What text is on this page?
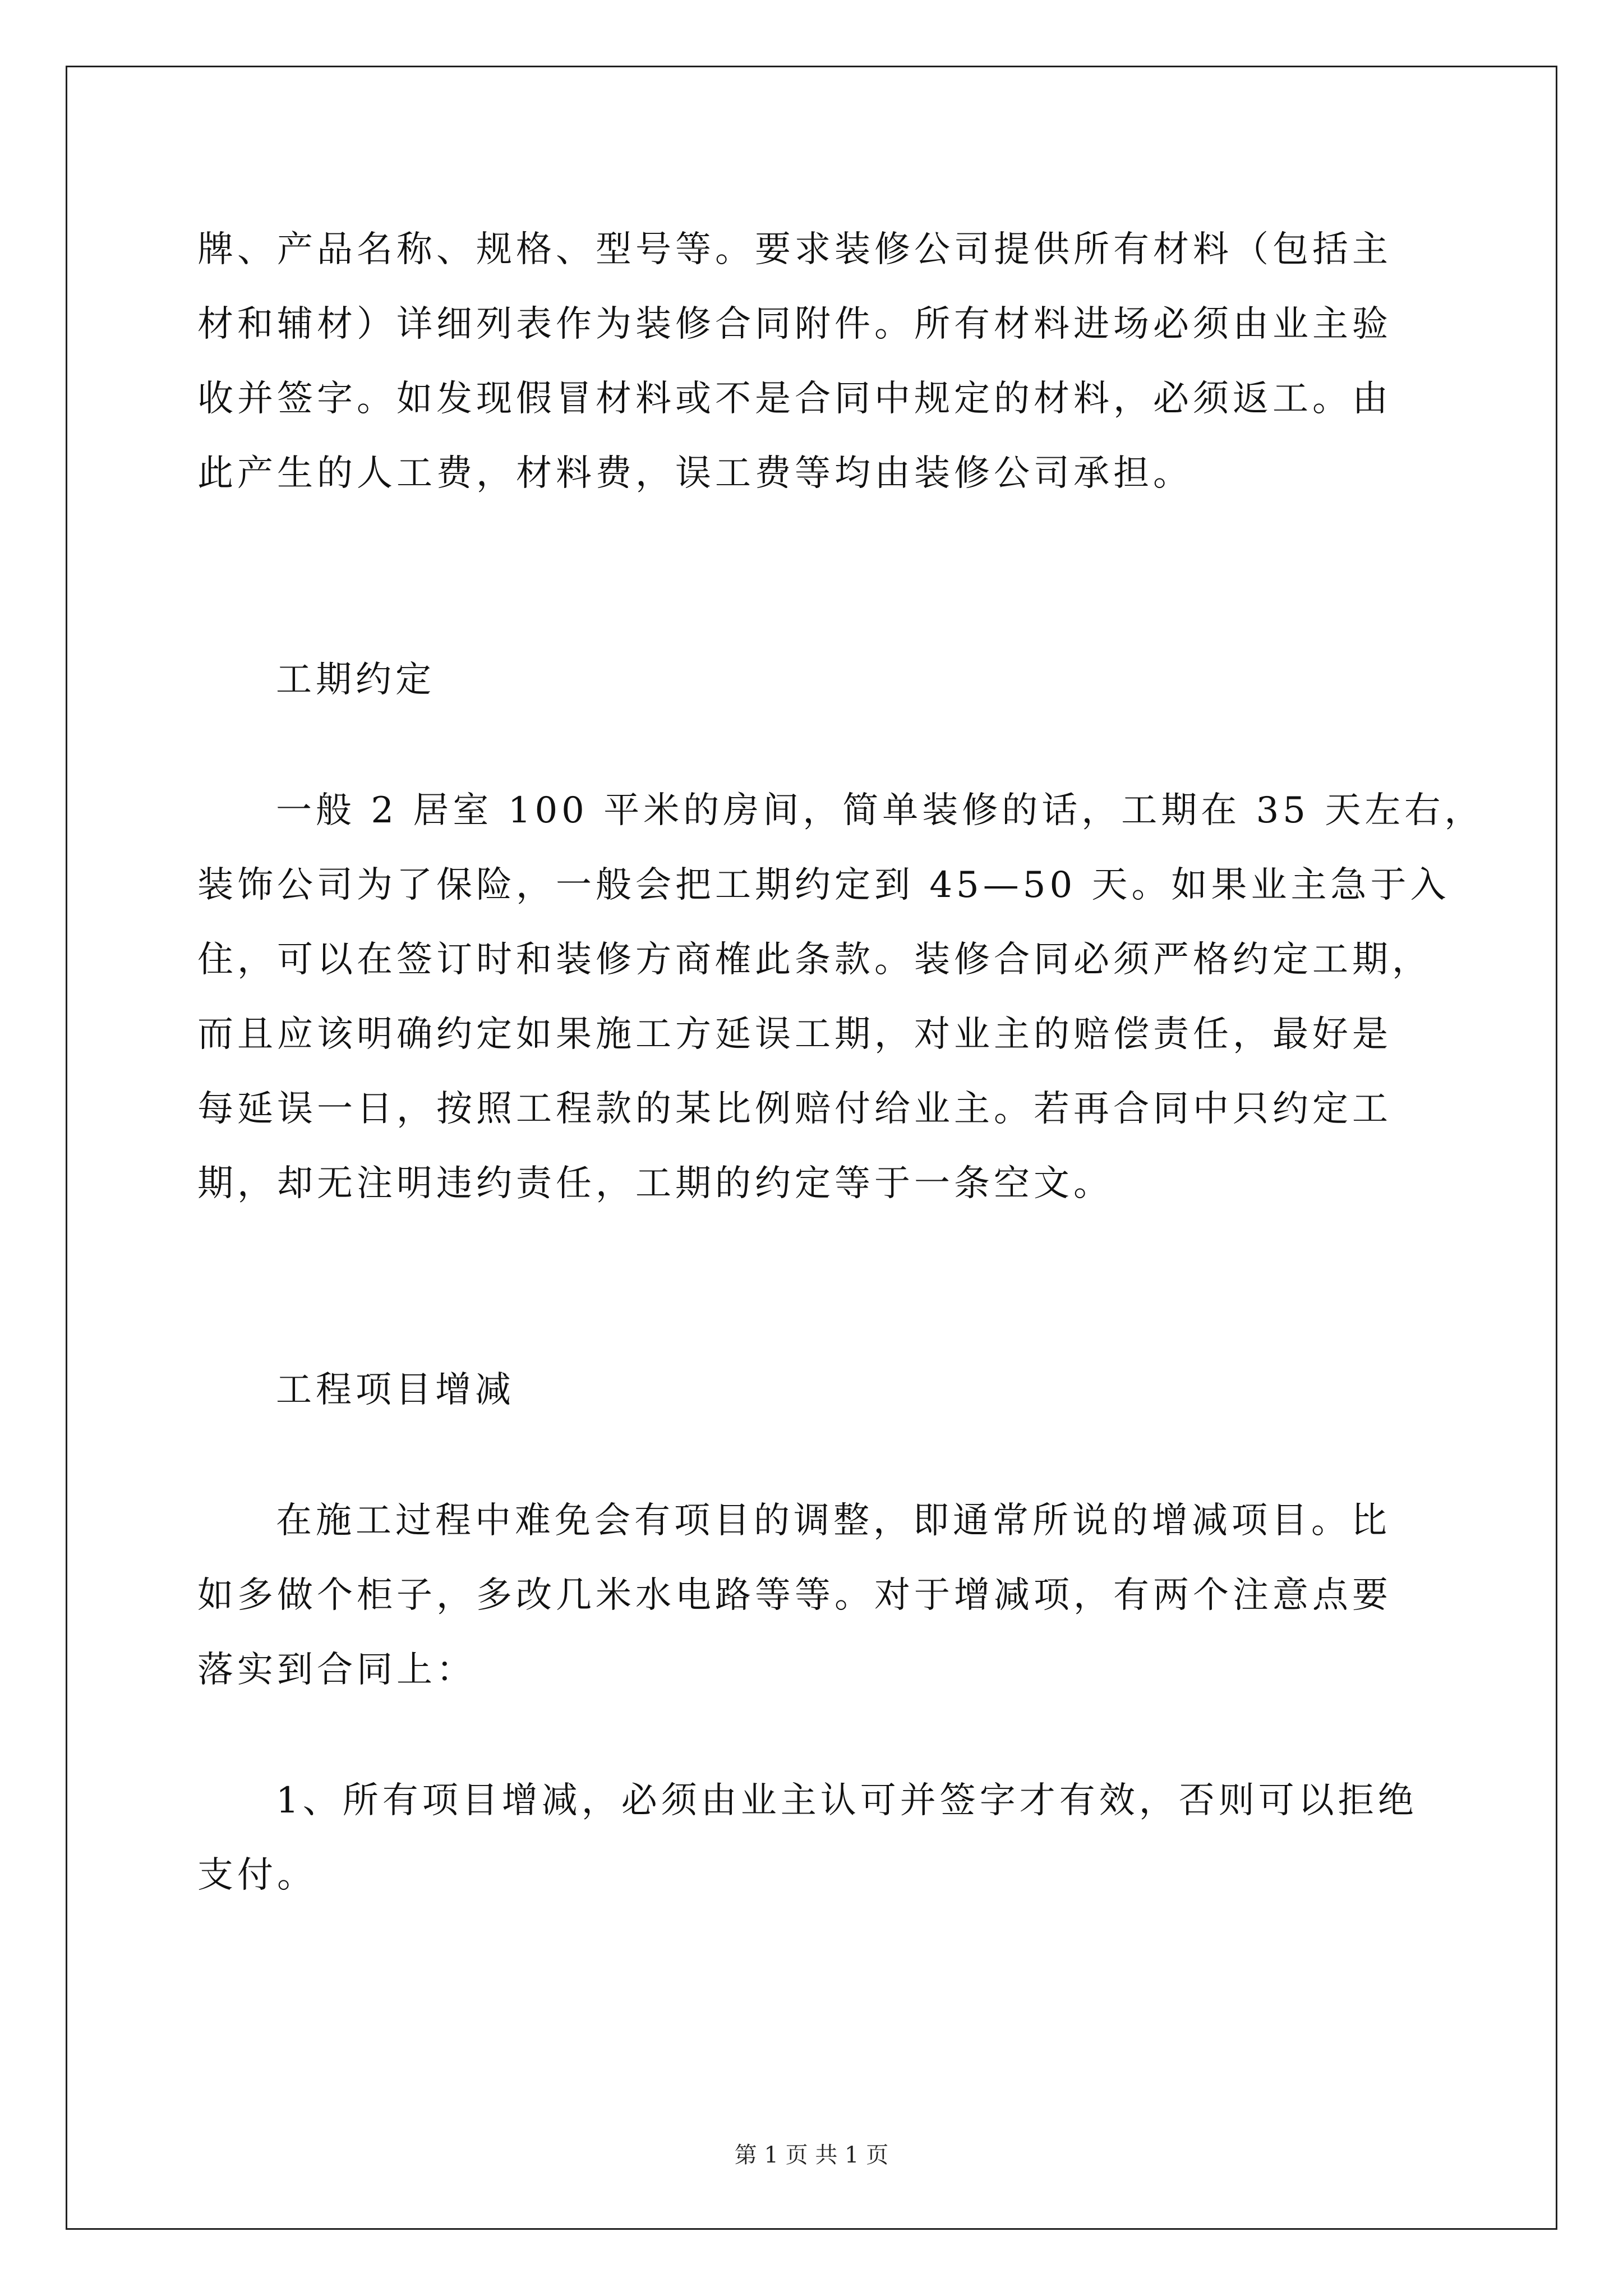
牌、产品名称、规格、型号等。要求装修公司提供所有材料（包括主
材和辅材）详细列表作为装修合同附件。所有材料进场必须由业主验
收并签字。如发现假冒材料或不是合同中规定的材料，必须返工。由
此产生的人工费，材料费，误工费等均由装修公司承担。
工期约定
一般 2 居室 100 平米的房间，简单装修的话，工期在 35 天左右，
装饰公司为了保险，一般会把工期约定到 45—50 天。如果业主急于入
住，可以在签订时和装修方商榷此条款。装修合同必须严格约定工期，
而且应该明确约定如果施工方延误工期，对业主的赔偿责任，最好是
每延误一日，按照工程款的某比例赔付给业主。若再合同中只约定工
期，却无注明违约责任，工期的约定等于一条空文。
工程项目增减
在施工过程中难免会有项目的调整，即通常所说的增减项目。比
如多做个柜子，多改几米水电路等等。对于增减项，有两个注意点要
落实到合同上：
1、所有项目增减，必须由业主认可并签字才有效，否则可以拒绝
支付。
第 1 页 共 1 页
